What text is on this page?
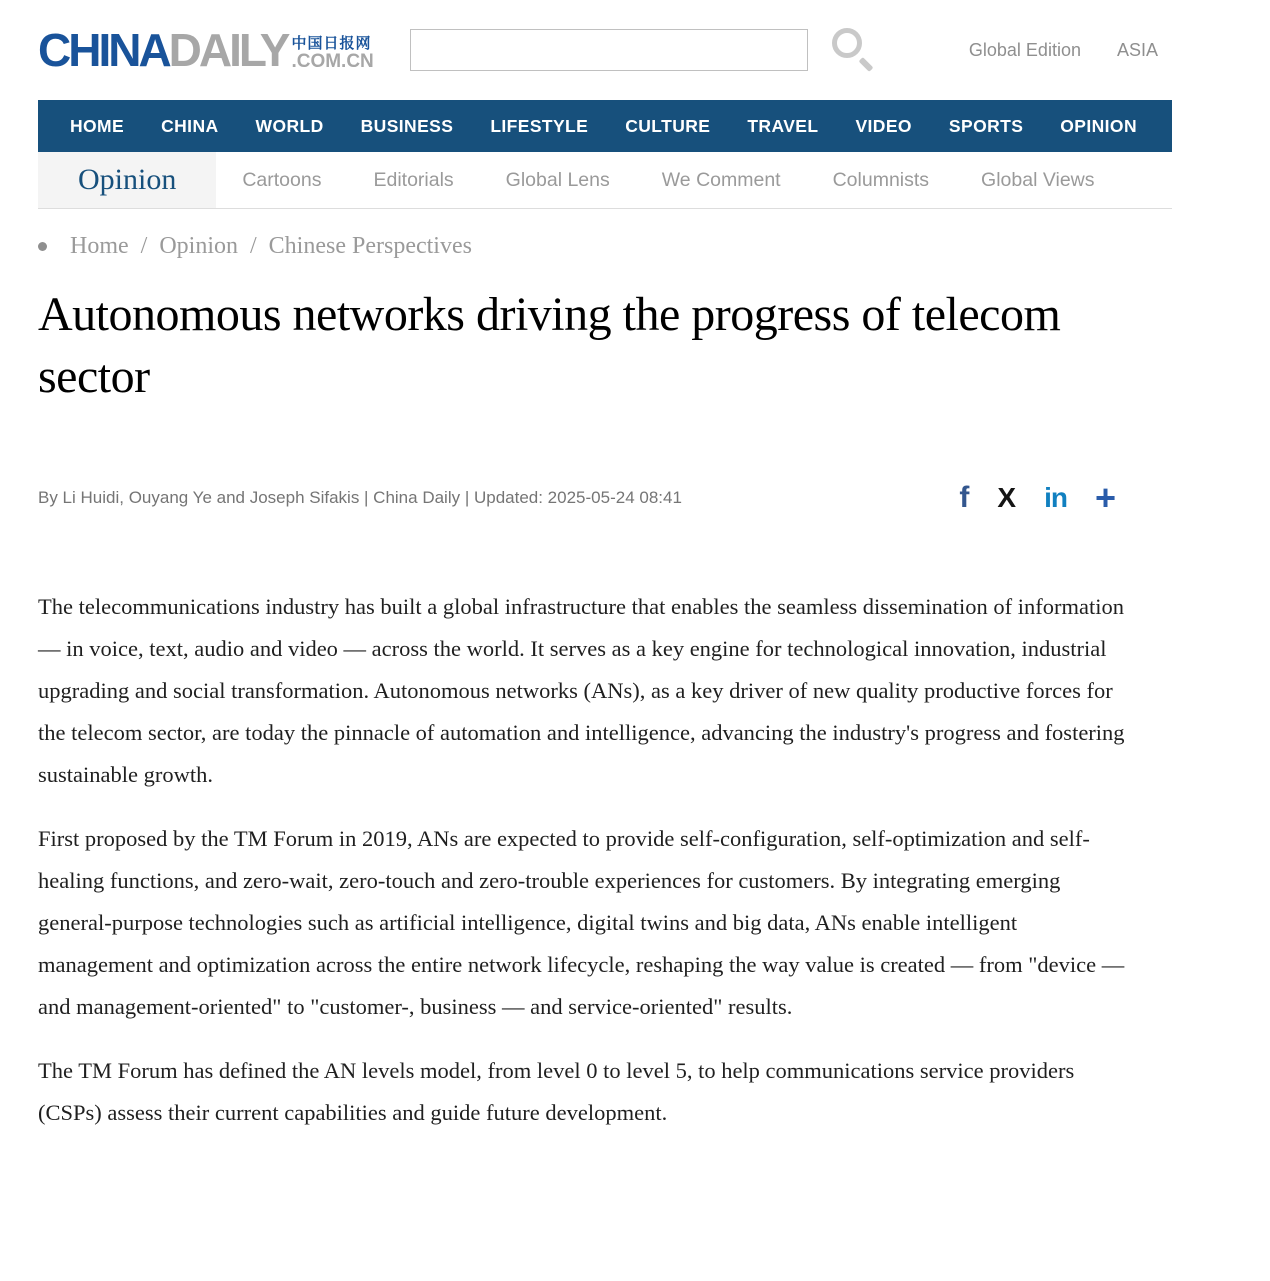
CHINADAILY 中国日报网
.COM.CN
Global Edition ASIA
HOME CHINA WORLD BUSINESS LIFESTYLE CULTURE TRAVEL VIDEO SPORTS OPINION REGIONAL
Opinion	Cartoons	Editorials	Global Lens	We Comment	Columnists	Global Views
Home / Opinion / Chinese Perspectives
Autonomous networks driving the progress of telecom sector
By Li Huidi, Ouyang Ye and Joseph Sifakis | China Daily | Updated: 2025-05-24 08:41	f X in +

The telecommunications industry has built a global infrastructure that enables the seamless dissemination of information — in voice, text, audio and video — across the world. It serves as a key engine for technological innovation, industrial upgrading and social transformation. Autonomous networks (ANs), as a key driver of new quality productive forces for the telecom sector, are today the pinnacle of automation and intelligence, advancing the industry's progress and fostering sustainable growth.

First proposed by the TM Forum in 2019, ANs are expected to provide self-configuration, self-optimization and self-healing functions, and zero-wait, zero-touch and zero-trouble experiences for customers. By integrating emerging general-purpose technologies such as artificial intelligence, digital twins and big data, ANs enable intelligent management and optimization across the entire network lifecycle, reshaping the way value is created — from "device — and management-oriented" to "customer-, business — and service-oriented" results.

The TM Forum has defined the AN levels model, from level 0 to level 5, to help communications service providers (CSPs) assess their current capabilities and guide future development.
